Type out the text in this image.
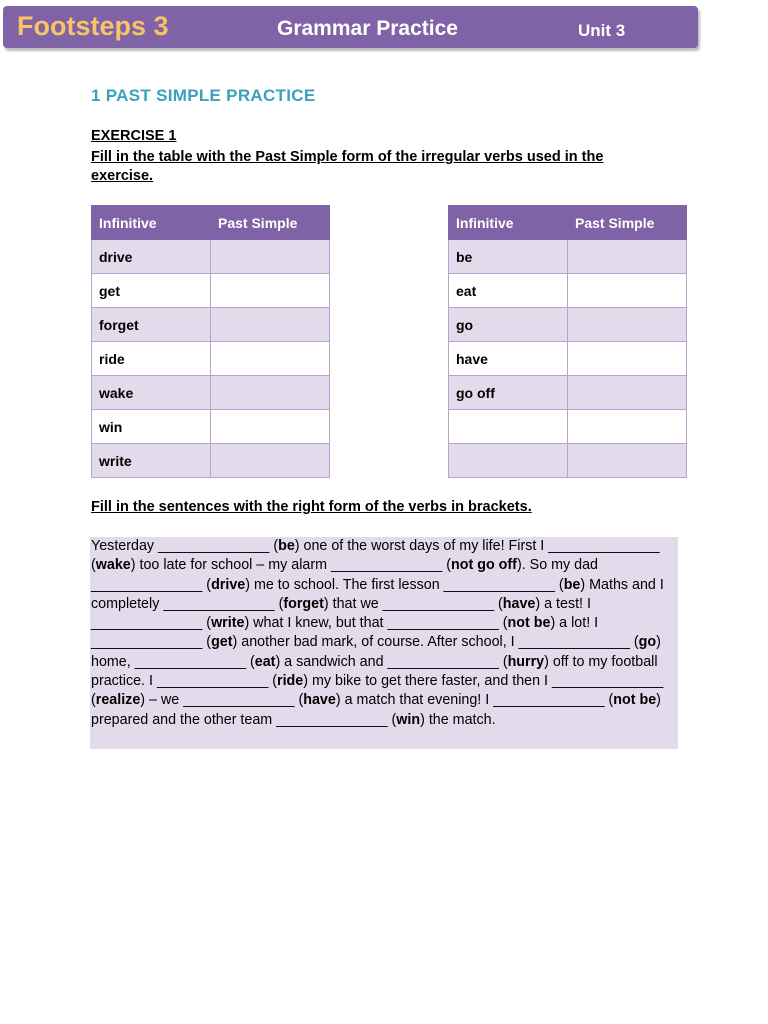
Footsteps 3	Grammar Practice	Unit 3
1 PAST SIMPLE PRACTICE
EXERCISE 1
Fill in the table with the Past Simple form of the irregular verbs used in the exercise.
Infinitive	Past Simple
drive	
get	
forget	
ride	
wake	
win	
write	
Infinitive	Past Simple
be	
eat	
go	
have	
go off	

Fill in the sentences with the right form of the verbs in brackets.
Yesterday ______________ (be) one of the worst days of my life! First I ______________ (wake) too late for school – my alarm ______________ (not go off). So my dad ______________ (drive) me to school. The first lesson ______________ (be) Maths and I completely ______________ (forget) that we ______________ (have) a test! I ______________ (write) what I knew, but that ______________ (not be) a lot! I ______________ (get) another bad mark, of course. After school, I ______________ (go) home, ______________ (eat) a sandwich and ______________ (hurry) off to my football practice. I ______________ (ride) my bike to get there faster, and then I ______________ (realize) – we ______________ (have) a match that evening! I ______________ (not be) prepared and the other team ______________ (win) the match.
